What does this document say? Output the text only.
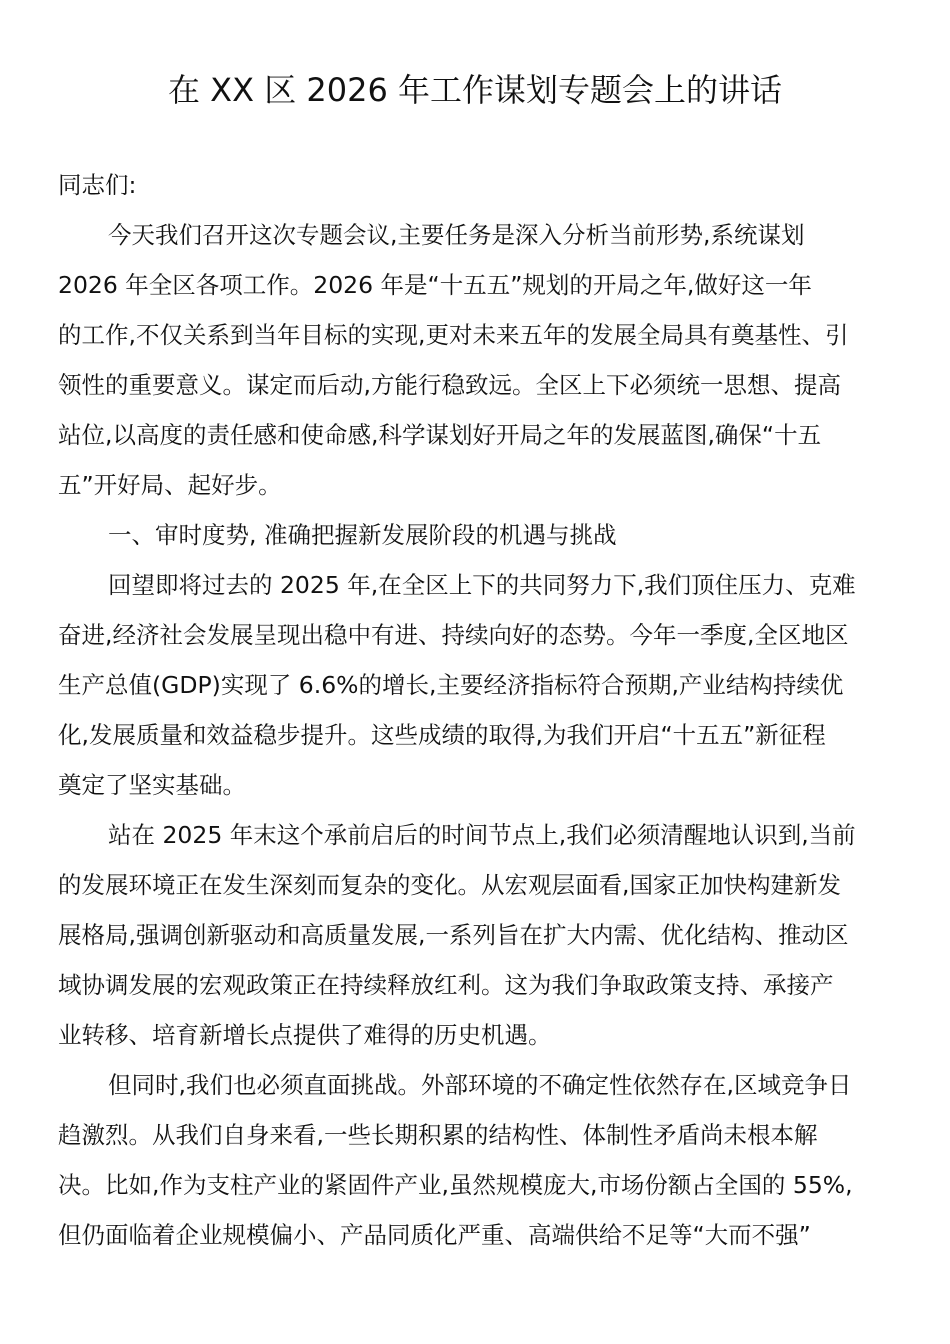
在 XX 区 2026 年工作谋划专题会上的讲话
同志们:
今天我们召开这次专题会议,主要任务是深入分析当前形势,系统谋划
2026 年全区各项工作。2026 年是“十五五”规划的开局之年,做好这一年
的工作,不仅关系到当年目标的实现,更对未来五年的发展全局具有奠基性、引
领性的重要意义。谋定而后动,方能行稳致远。全区上下必须统一思想、提高
站位,以高度的责任感和使命感,科学谋划好开局之年的发展蓝图,确保“十五
五”开好局、起好步。
一、审时度势, 准确把握新发展阶段的机遇与挑战
回望即将过去的 2025 年,在全区上下的共同努力下,我们顶住压力、克难
奋进,经济社会发展呈现出稳中有进、持续向好的态势。今年一季度,全区地区
生产总值(GDP)实现了 6.6%的增长,主要经济指标符合预期,产业结构持续优
化,发展质量和效益稳步提升。这些成绩的取得,为我们开启“十五五”新征程
奠定了坚实基础。
站在 2025 年末这个承前启后的时间节点上,我们必须清醒地认识到,当前
的发展环境正在发生深刻而复杂的变化。从宏观层面看,国家正加快构建新发
展格局,强调创新驱动和高质量发展,一系列旨在扩大内需、优化结构、推动区
域协调发展的宏观政策正在持续释放红利。这为我们争取政策支持、承接产
业转移、培育新增长点提供了难得的历史机遇。
但同时,我们也必须直面挑战。外部环境的不确定性依然存在,区域竞争日
趋激烈。从我们自身来看,一些长期积累的结构性、体制性矛盾尚未根本解
决。比如,作为支柱产业的紧固件产业,虽然规模庞大,市场份额占全国的 55%,
但仍面临着企业规模偏小、产品同质化严重、高端供给不足等“大而不强”
